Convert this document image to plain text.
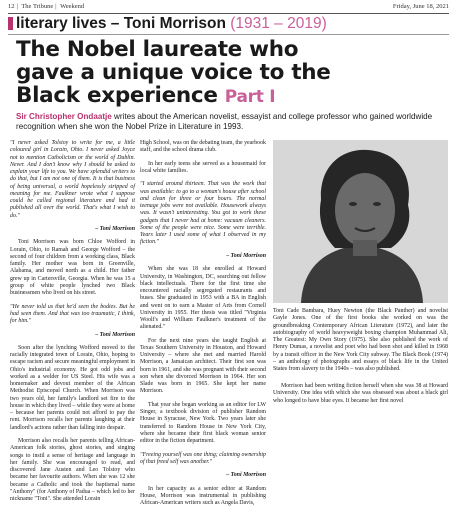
12 | The Tribune | Weekend	Friday, June 18, 2021
literary lives – Toni Morrison (1931 – 2019)
The Nobel laureate who
gave a unique voice to the
Black experience Part I
Sir Christopher Ondaatje writes about the American novelist, essayist and college professor who gained worldwide recognition when she won the Nobel Prize in Literature in 1993.

"I never asked Tolstoy to write for me, a little coloured girl in Lorain, Ohio. I never asked Joyce not to mention Catholicism or the world of Dublin. Never. And I don't know why I should be asked to explain your life to you. We have splendid writers to do that, but I am not one of them. It is that business of being universal, a world hopelessly stripped of meaning for me. Faulkner wrote what I suppose could be called regional literature and had it published all over the world. That's what I wish to do."

– Toni Morrison

Toni Morrison was born Chloe Wofford in Lorain, Ohio, to Ramah and George Wofford – the second of four children from a working class, Black family. Her mother was born in Greenville, Alabama, and moved north as a child. Her father grew up in Cartersville, Georgia. When he was 15 a group of white people lynched two Black businessmen who lived on his street.

"He never told us that he'd seen the bodies. But he had seen them. And that was too traumatic, I think, for him."

– Toni Morrison

Soon after the lynching Wofford moved to the racially integrated town of Lorain, Ohio, hoping to escape racism and secure meaningful employment in Ohio's industrial economy. He got odd jobs and worked as a welder for US Steel. His wife was a homemaker and devout member of the African Methodist Episcopal Church. When Morrison was two years old, her family's landlord set fire to the house in which they lived – while they were at home – because her parents could not afford to pay the rent. Morrison recalls her parents laughing at their landlord's actions rather than falling into despair.

Morrison also recalls her parents telling African-American folk stories, ghost stories, and singing songs to instil a sense of heritage and language in her family. She was encouraged to read, and discovered Jane Austen and Leo Tolstoy who became her favourite authors. When she was 12 she became a Catholic and took the baptismal name "Anthony" (for Anthony of Padua – which led to her nickname "Toni". She attended Lorain

High School, was on the debating team, the yearbook staff, and the school drama club.

In her early teens she served as a housemaid for local white families.

"I started around thirteen. That was the work that was available: to go to a woman's house after school and clean for three or four hours. The normal teenage jobs were not available. Housework always was. It wasn't uninteresting. You got to work these gadgets that I never had at home: vacuum cleaners. Some of the people were nice. Some were terrible. Years later I used some of what I observed in my fiction."

– Toni Morrison

When she was 18 she enrolled at Howard University, in Washington, DC, searching out fellow black intellectuals. There for the first time she encountered racially segregated restaurants and buses. She graduated in 1953 with a BA in English and went on to earn a Master of Arts from Cornell University in 1955. Her thesis was titled "Virginia Woolf's and William Faulkner's treatment of the alienated."

For the next nine years she taught English at Texas Southern University in Houston, and Howard University – where she met and married Harold Morrison, a Jamaican architect. Their first son was born in 1961, and she was pregnant with their second son when she divorced Morrison in 1964. Her son Slade was born in 1965. She kept her name Morrison.

That year she began working as an editor for LW Singer, a textbook division of publisher Random House in Syracuse, New York. Two years later she transferred to Random House in New York City, where she became their first black woman senior editor in the fiction department.

"Freeing yourself was one thing; claiming ownership of that freed self was another."

– Toni Morrison

In her capacity as a senior editor at Random House, Morrison was instrumental in publishing African-American writers such as Angela Davis,

Toni Cade Bambara, Huey Newton (the Black Panther) and novelist Gayle Jones. One of the first books she worked on was the groundbreaking Contemporary African Literature (1972), and later the autobiography of world heavyweight boxing champion Muhammad Ali, The Greatest: My Own Story (1975). She also published the work of Henry Dumas, a novelist and poet who had been shot and killed in 1968 by a transit officer in the New York City subway. The Black Book (1974) – an anthology of photographs and essays of black life in the United States from slavery to the 1940s – was also published.

Morrison had been writing fiction herself when she was 38 at Howard University. One idea with which she was obsessed was about a black girl who longed to have blue eyes. It became her first novel
